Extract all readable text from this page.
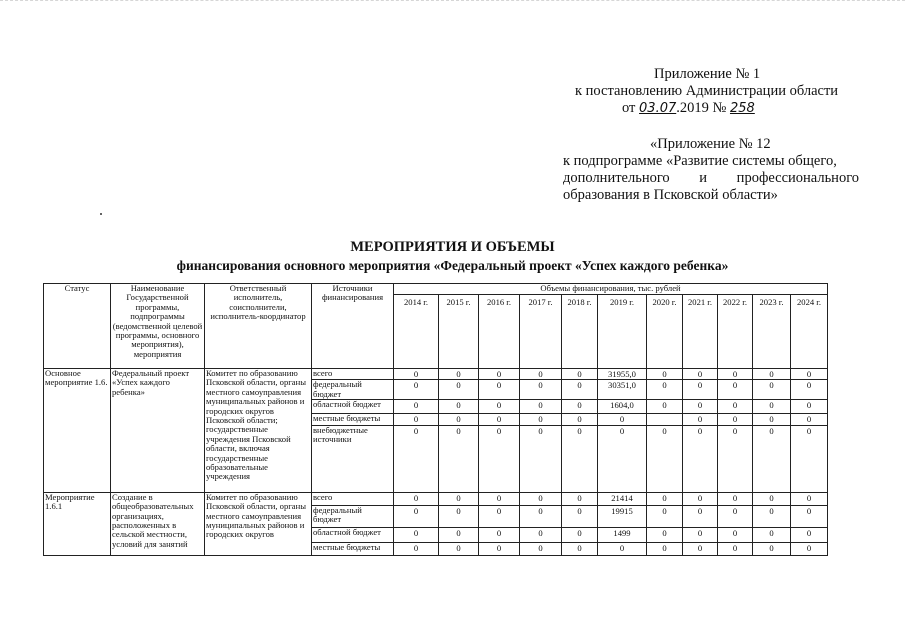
Приложение № 1
к постановлению Администрации области
от 03.07.2019 № 258
«Приложение № 12
к подпрограмме «Развитие системы общего,
дополнительного и профессионального
образования в Псковской области»
МЕРОПРИЯТИЯ И ОБЪЕМЫ
финансирования основного мероприятия «Федеральный проект «Успех каждого ребенка»
Статус	Наименование Государственной программы, подпрограммы (ведомственной целевой программы, основного мероприятия), мероприятия	Ответственный исполнитель, соисполнители, исполнитель-координатор	Источники финансирования	Объемы финансирования, тыс. рублей										
				2014 г.	2015 г.	2016 г.	2017 г.	2018 г.	2019 г.	2020 г.	2021 г.	2022 г.	2023 г.	2024 г.
Основное мероприятие 1.6.	Федеральный проект «Успех каждого ребенка»	Комитет по образованию Псковской области, органы местного самоуправления муниципальных районов и городских округов Псковской области; государственные учреждения Псковской области, включая государственные образовательные учреждения	всего	0	0	0	0	0	31955,0	0	0	0	0	0
			федеральный бюджет	0	0	0	0	0	30351,0	0	0	0	0	0
			областной бюджет	0	0	0	0	0	1604,0	0	0	0	0	0
			местные бюджеты	0	0	0	0	0	0		0	0	0	0
			внебюджетные источники	0	0	0	0	0	0	0	0	0	0	0
Мероприятие 1.6.1	Создание в общеобразовательных организациях, расположенных в сельской местности, условий для занятий	Комитет по образованию Псковской области, органы местного самоуправления муниципальных районов и городских округов	всего	0	0	0	0	0	21414	0	0	0	0	0
			федеральный бюджет	0	0	0	0	0	19915	0	0	0	0	0
			областной бюджет	0	0	0	0	0	1499	0	0	0	0	0
			местные бюджеты	0	0	0	0	0	0	0	0	0	0	0
